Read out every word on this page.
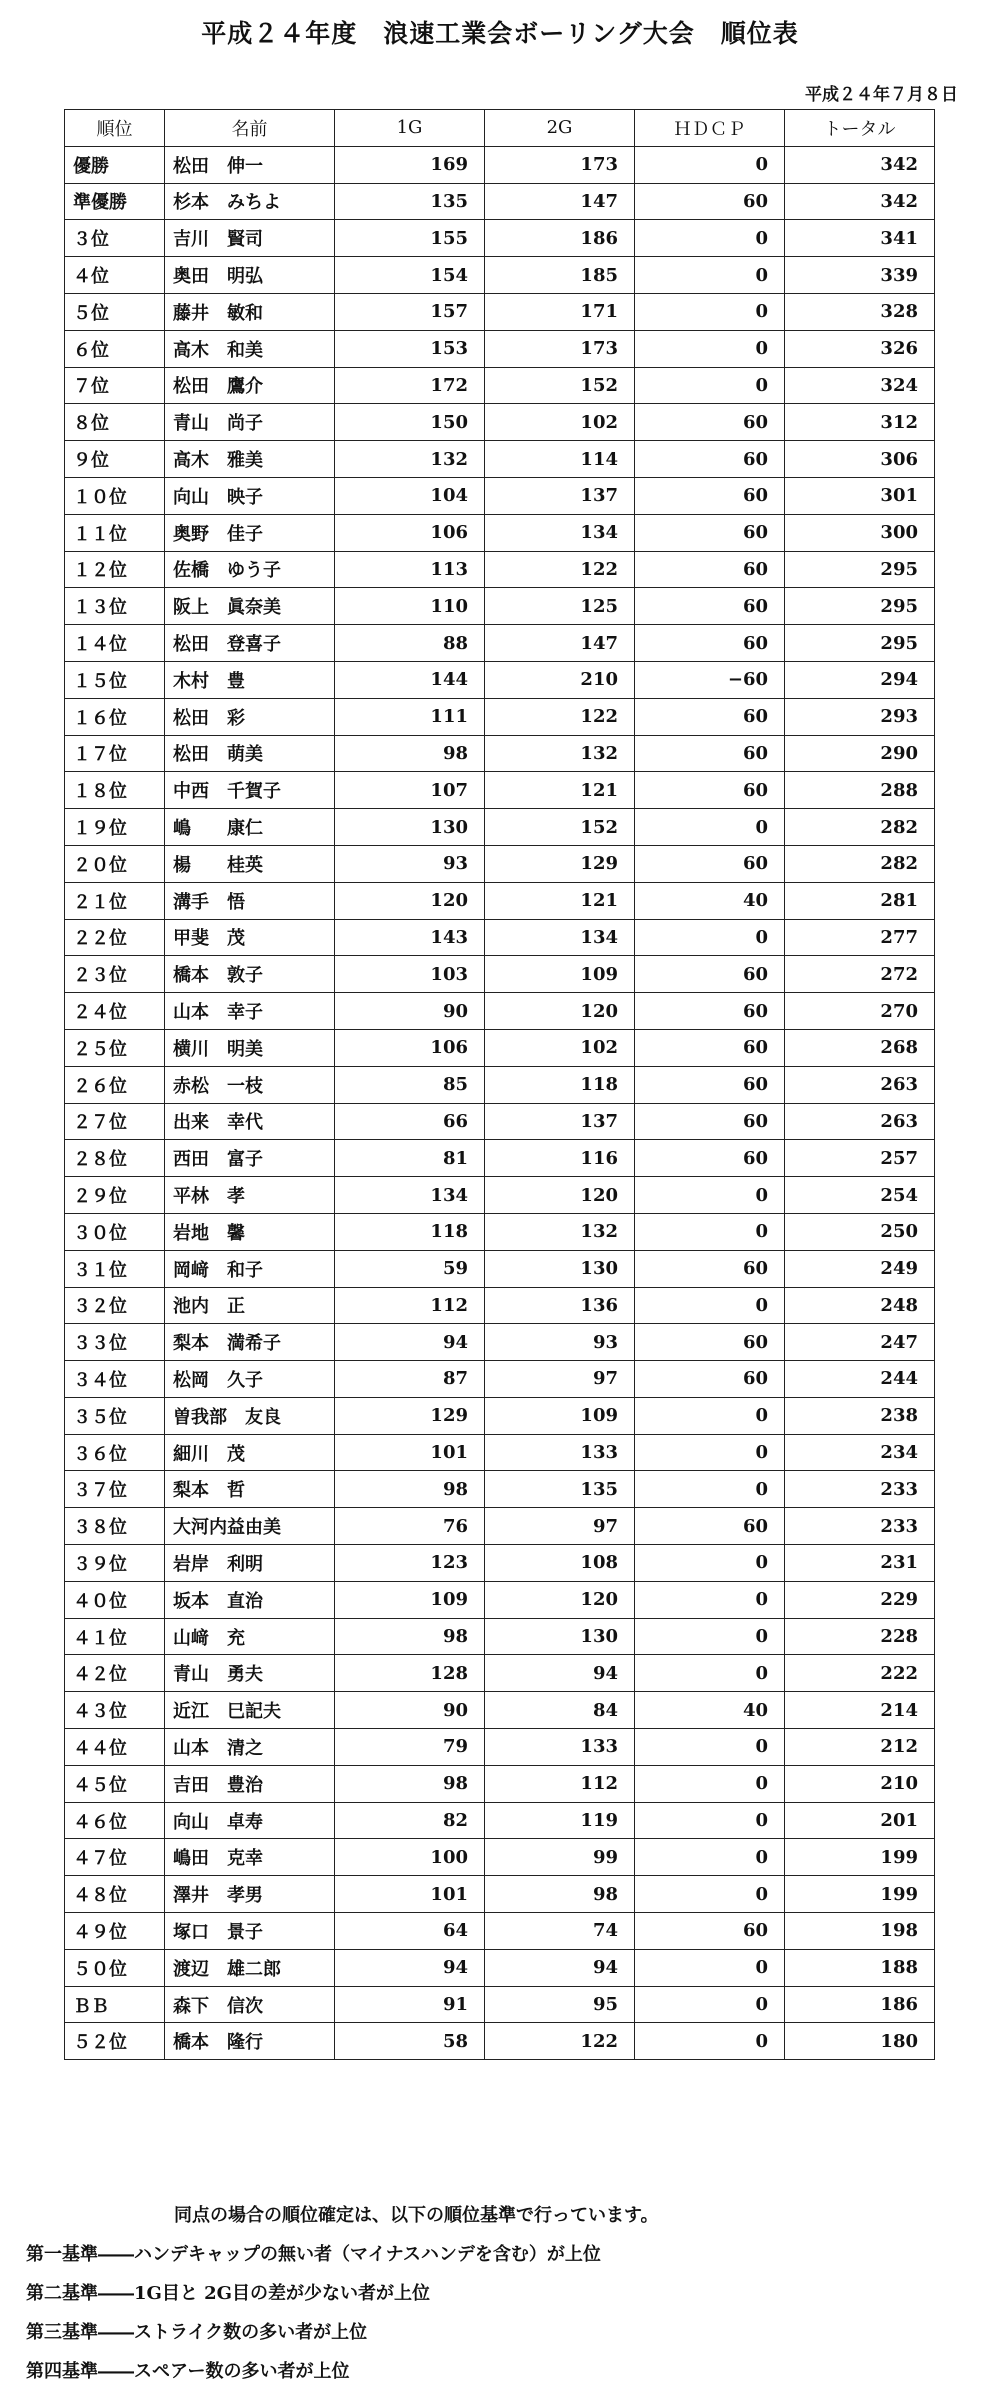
平成２４年度　浪速工業会ボーリング大会　順位表
平成２４年７月８日
順位	名前	1G	2G	ＨＤＣＰ	トータル
優勝	松田　伸一	169	173	0	342
準優勝	杉本　みちよ	135	147	60	342
３位	吉川　賢司	155	186	0	341
４位	奥田　明弘	154	185	0	339
５位	藤井　敏和	157	171	0	328
６位	高木　和美	153	173	0	326
７位	松田　鷹介	172	152	0	324
８位	青山　尚子	150	102	60	312
９位	高木　雅美	132	114	60	306
１０位	向山　映子	104	137	60	301
１１位	奥野　佳子	106	134	60	300
１２位	佐橋　ゆう子	113	122	60	295
１３位	阪上　眞奈美	110	125	60	295
１４位	松田　登喜子	88	147	60	295
１５位	木村　豊	144	210	−60	294
１６位	松田　彩	111	122	60	293
１７位	松田　萌美	98	132	60	290
１８位	中西　千賀子	107	121	60	288
１９位	嶋　　康仁	130	152	0	282
２０位	楊　　桂英	93	129	60	282
２１位	溝手　悟	120	121	40	281
２２位	甲斐　茂	143	134	0	277
２３位	橋本　敦子	103	109	60	272
２４位	山本　幸子	90	120	60	270
２５位	横川　明美	106	102	60	268
２６位	赤松　一枝	85	118	60	263
２７位	出来　幸代	66	137	60	263
２８位	西田　富子	81	116	60	257
２９位	平林　孝	134	120	0	254
３０位	岩地　馨	118	132	0	250
３１位	岡﨑　和子	59	130	60	249
３２位	池内　正	112	136	0	248
３３位	梨本　満希子	94	93	60	247
３４位	松岡　久子	87	97	60	244
３５位	曽我部　友良	129	109	0	238
３６位	細川　茂	101	133	0	234
３７位	梨本　哲	98	135	0	233
３８位	大河内益由美	76	97	60	233
３９位	岩岸　利明	123	108	0	231
４０位	坂本　直治	109	120	0	229
４１位	山﨑　充	98	130	0	228
４２位	青山　勇夫	128	94	0	222
４３位	近江　巳記夫	90	84	40	214
４４位	山本　清之	79	133	0	212
４５位	吉田　豊治	98	112	0	210
４６位	向山　卓寿	82	119	0	201
４７位	嶋田　克幸	100	99	0	199
４８位	澤井　孝男	101	98	0	199
４９位	塚口　景子	64	74	60	198
５０位	渡辺　雄二郎	94	94	0	188
ＢＢ	森下　信次	91	95	0	186
５２位	橋本　隆行	58	122	0	180
同点の場合の順位確定は、以下の順位基準で行っています。
第一基準――ハンデキャップの無い者（マイナスハンデを含む）が上位
第二基準――1G目と 2G目の差が少ない者が上位
第三基準――ストライク数の多い者が上位
第四基準――スペアー数の多い者が上位
